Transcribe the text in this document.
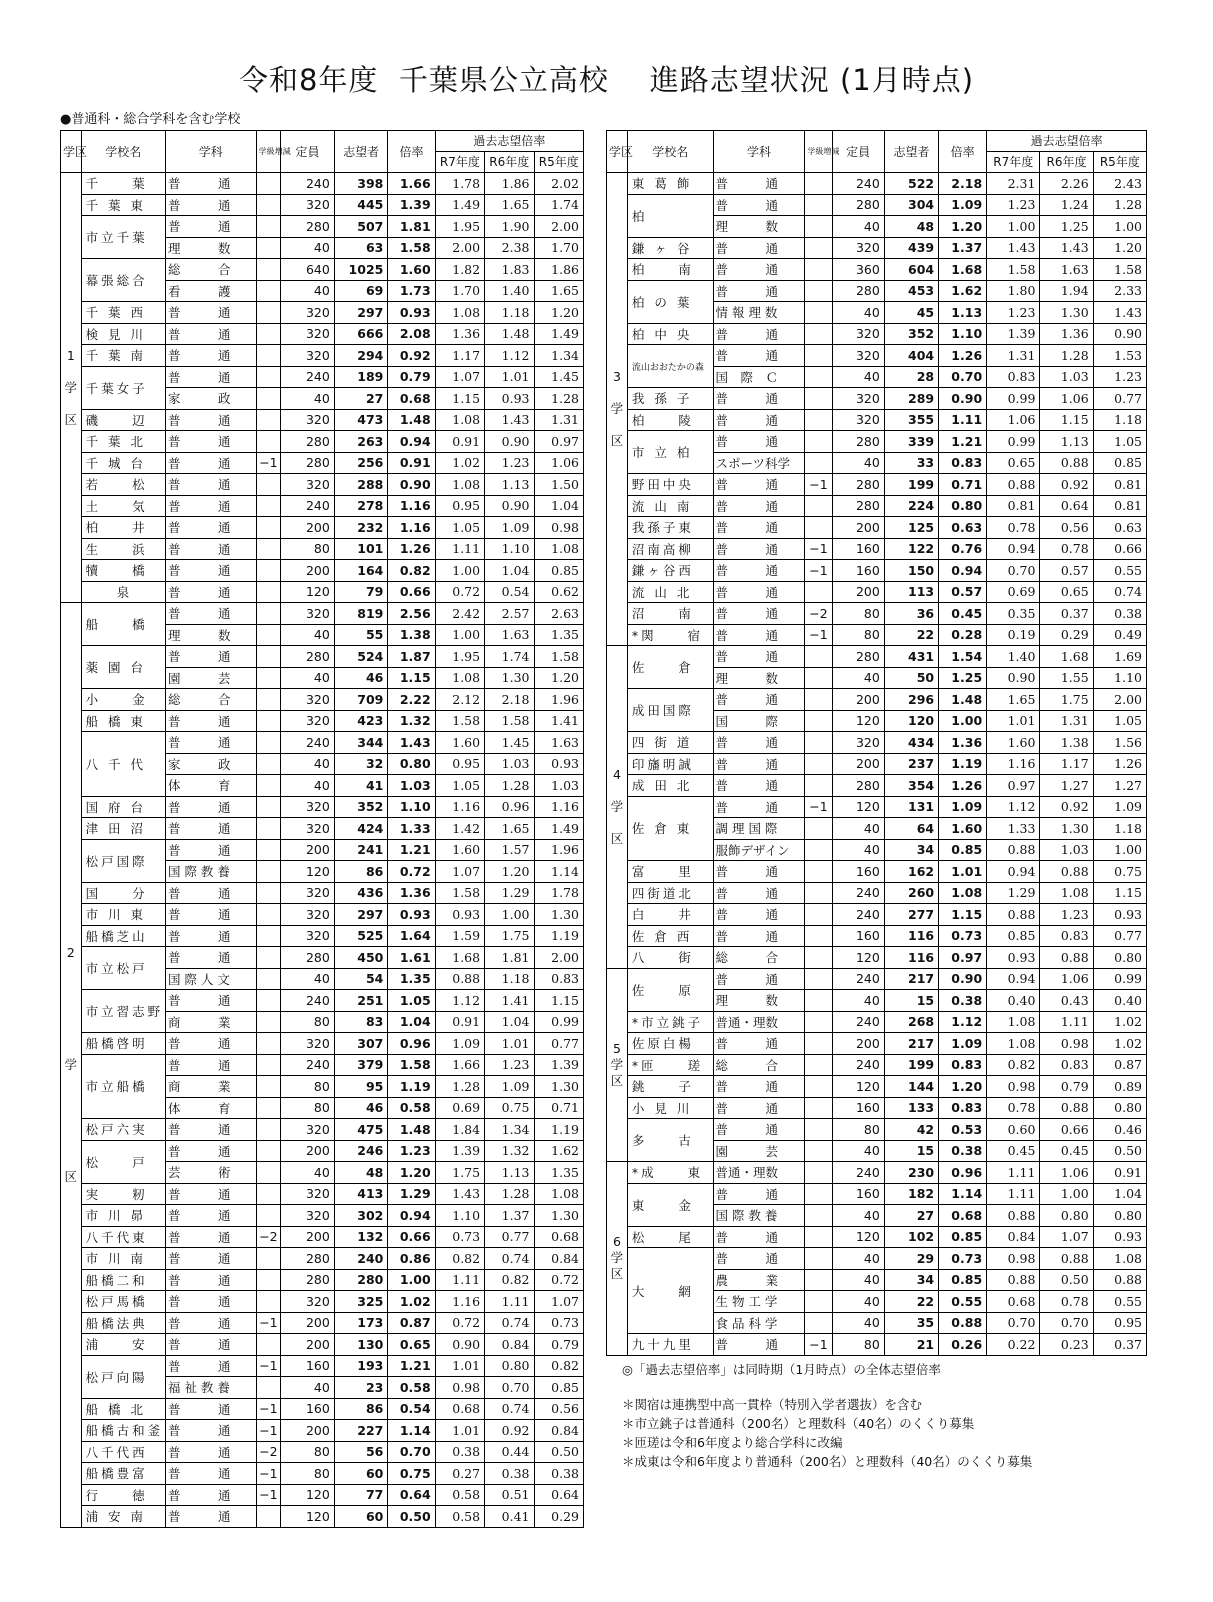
令和8年度  千葉県公立高校    進路志望状況 (1月時点)
●普通科・総合学科を含む学校
学区	学校名	学科	学級増減	定員	志望者	倍率	過去志望倍率		
							R7年度	R6年度	R5年度
1

学

区	千　　葉	普　　　通		240	398	1.66	1.78	1.86	2.02
	千 葉 東	普　　　通		320	445	1.39	1.49	1.65	1.74
	市立千葉	普　　　通		280	507	1.81	1.95	1.90	2.00
		理　　　数		40	63	1.58	2.00	2.38	1.70
	幕張総合	総　　　合		640	1025	1.60	1.82	1.83	1.86
		看　　　護		40	69	1.73	1.70	1.40	1.65
	千 葉 西	普　　　通		320	297	0.93	1.08	1.18	1.20
	検 見 川	普　　　通		320	666	2.08	1.36	1.48	1.49
	千 葉 南	普　　　通		320	294	0.92	1.17	1.12	1.34
	千葉女子	普　　　通		240	189	0.79	1.07	1.01	1.45
		家　　　政		40	27	0.68	1.15	0.93	1.28
	磯　　辺	普　　　通		320	473	1.48	1.08	1.43	1.31
	千 葉 北	普　　　通		280	263	0.94	0.91	0.90	0.97
	千 城 台	普　　　通	−1	280	256	0.91	1.02	1.23	1.06
	若　　松	普　　　通		320	288	0.90	1.08	1.13	1.50
	土　　気	普　　　通		240	278	1.16	0.95	0.90	1.04
	柏　　井	普　　　通		200	232	1.16	1.05	1.09	0.98
	生　　浜	普　　　通		80	101	1.26	1.11	1.10	1.08
	犢　　橋	普　　　通		200	164	0.82	1.00	1.04	0.85
	　　泉	普　　　通		120	79	0.66	0.72	0.54	0.62
2

学

区	船　　橋	普　　　通		320	819	2.56	2.42	2.57	2.63
		理　　　数		40	55	1.38	1.00	1.63	1.35
	薬 園 台	普　　　通		280	524	1.87	1.95	1.74	1.58
		園　　　芸		40	46	1.15	1.08	1.30	1.20
	小　　金	総　　　合		320	709	2.22	2.12	2.18	1.96
	船 橋 東	普　　　通		320	423	1.32	1.58	1.58	1.41
	八 千 代	普　　　通		240	344	1.43	1.60	1.45	1.63
		家　　　政		40	32	0.80	0.95	1.03	0.93
		体　　　育		40	41	1.03	1.05	1.28	1.03
	国 府 台	普　　　通		320	352	1.10	1.16	0.96	1.16
	津 田 沼	普　　　通		320	424	1.33	1.42	1.65	1.49
	松戸国際	普　　　通		200	241	1.21	1.60	1.57	1.96
		国 際 教 養		120	86	0.72	1.07	1.20	1.14
	国　　分	普　　　通		320	436	1.36	1.58	1.29	1.78
	市 川 東	普　　　通		320	297	0.93	0.93	1.00	1.30
	船橋芝山	普　　　通		320	525	1.64	1.59	1.75	1.19
	市立松戸	普　　　通		280	450	1.61	1.68	1.81	2.00
		国 際 人 文		40	54	1.35	0.88	1.18	0.83
	市立習志野	普　　　通		240	251	1.05	1.12	1.41	1.15
		商　　　業		80	83	1.04	0.91	1.04	0.99
	船橋啓明	普　　　通		320	307	0.96	1.09	1.01	0.77
	市立船橋	普　　　通		240	379	1.58	1.66	1.23	1.39
		商　　　業		80	95	1.19	1.28	1.09	1.30
		体　　　育		80	46	0.58	0.69	0.75	0.71
	松戸六実	普　　　通		320	475	1.48	1.84	1.34	1.19
	松　　戸	普　　　通		200	246	1.23	1.39	1.32	1.62
		芸　　　術		40	48	1.20	1.75	1.13	1.35
	実　　籾	普　　　通		320	413	1.29	1.43	1.28	1.08
	市 川 昴	普　　　通		320	302	0.94	1.10	1.37	1.30
	八千代東	普　　　通	−2	200	132	0.66	0.73	0.77	0.68
	市 川 南	普　　　通		280	240	0.86	0.82	0.74	0.84
	船橋二和	普　　　通		280	280	1.00	1.11	0.82	0.72
	松戸馬橋	普　　　通		320	325	1.02	1.16	1.11	1.07
	船橋法典	普　　　通	−1	200	173	0.87	0.72	0.74	0.73
	浦　　安	普　　　通		200	130	0.65	0.90	0.84	0.79
	松戸向陽	普　　　通	−1	160	193	1.21	1.01	0.80	0.82
		福 祉 教 養		40	23	0.58	0.98	0.70	0.85
	船 橋 北	普　　　通	−1	160	86	0.54	0.68	0.74	0.56
	船橋古和釜	普　　　通	−1	200	227	1.14	1.01	0.92	0.84
	八千代西	普　　　通	−2	80	56	0.70	0.38	0.44	0.50
	船橋豊富	普　　　通	−1	80	60	0.75	0.27	0.38	0.38
	行　　徳	普　　　通	−1	120	77	0.64	0.58	0.51	0.64
	浦 安 南	普　　　通		120	60	0.50	0.58	0.41	0.29
学区	学校名	学科	学級増減	定員	志望者	倍率	過去志望倍率		
							R7年度	R6年度	R5年度
3

学

区	東 葛 飾	普　　　通		240	522	2.18	2.31	2.26	2.43
	柏	普　　　通		280	304	1.09	1.23	1.24	1.28
		理　　　数		40	48	1.20	1.00	1.25	1.00
	鎌 ヶ 谷	普　　　通		320	439	1.37	1.43	1.43	1.20
	柏　　南	普　　　通		360	604	1.68	1.58	1.63	1.58
	柏 の 葉	普　　　通		280	453	1.62	1.80	1.94	2.33
		情 報 理 数		40	45	1.13	1.23	1.30	1.43
	柏 中 央	普　　　通		320	352	1.10	1.39	1.36	0.90
	流山おおたかの森	普　　　通		320	404	1.26	1.31	1.28	1.53
		国　際　Ｃ		40	28	0.70	0.83	1.03	1.23
	我 孫 子	普　　　通		320	289	0.90	0.99	1.06	0.77
	柏　　陵	普　　　通		320	355	1.11	1.06	1.15	1.18
	市 立 柏	普　　　通		280	339	1.21	0.99	1.13	1.05
		スポーツ科学		40	33	0.83	0.65	0.88	0.85
	野田中央	普　　　通	−1	280	199	0.71	0.88	0.92	0.81
	流 山 南	普　　　通		280	224	0.80	0.81	0.64	0.81
	我孫子東	普　　　通		200	125	0.63	0.78	0.56	0.63
	沼南高柳	普　　　通	−1	160	122	0.76	0.94	0.78	0.66
	鎌ヶ谷西	普　　　通	−1	160	150	0.94	0.70	0.57	0.55
	流 山 北	普　　　通		200	113	0.57	0.69	0.65	0.74
	沼　　南	普　　　通	−2	80	36	0.45	0.35	0.37	0.38
	*関　　宿	普　　　通	−1	80	22	0.28	0.19	0.29	0.49
4

学

区	佐　　倉	普　　　通		280	431	1.54	1.40	1.68	1.69
		理　　　数		40	50	1.25	0.90	1.55	1.10
	成田国際	普　　　通		200	296	1.48	1.65	1.75	2.00
		国　　　際		120	120	1.00	1.01	1.31	1.05
	四 街 道	普　　　通		320	434	1.36	1.60	1.38	1.56
	印旛明誠	普　　　通		200	237	1.19	1.16	1.17	1.26
	成 田 北	普　　　通		280	354	1.26	0.97	1.27	1.27
	佐 倉 東	普　　　通	−1	120	131	1.09	1.12	0.92	1.09
		調 理 国 際		40	64	1.60	1.33	1.30	1.18
		服飾デザイン		40	34	0.85	0.88	1.03	1.00
	富　　里	普　　　通		160	162	1.01	0.94	0.88	0.75
	四街道北	普　　　通		240	260	1.08	1.29	1.08	1.15
	白　　井	普　　　通		240	277	1.15	0.88	1.23	0.93
	佐 倉 西	普　　　通		160	116	0.73	0.85	0.83	0.77
	八　　街	総　　　合		120	116	0.97	0.93	0.88	0.80
5
学
区	佐　　原	普　　　通		240	217	0.90	0.94	1.06	0.99
		理　　　数		40	15	0.38	0.40	0.43	0.40
	*市立銚子	普通・理数		240	268	1.12	1.08	1.11	1.02
	佐原白楊	普　　　通		200	217	1.09	1.08	0.98	1.02
	*匝　　瑳	総　　　合		240	199	0.83	0.82	0.83	0.87
	銚　　子	普　　　通		120	144	1.20	0.98	0.79	0.89
	小 見 川	普　　　通		160	133	0.83	0.78	0.88	0.80
	多　　古	普　　　通		80	42	0.53	0.60	0.66	0.46
		園　　　芸		40	15	0.38	0.45	0.45	0.50
6
学
区	*成　　東	普通・理数		240	230	0.96	1.11	1.06	0.91
	東　　金	普　　　通		160	182	1.14	1.11	1.00	1.04
		国 際 教 養		40	27	0.68	0.88	0.80	0.80
	松　　尾	普　　　通		120	102	0.85	0.84	1.07	0.93
	大　　網	普　　　通		40	29	0.73	0.98	0.88	1.08
		農　　　業		40	34	0.85	0.88	0.50	0.88
		生 物 工 学		40	22	0.55	0.68	0.78	0.55
		食 品 科 学		40	35	0.88	0.70	0.70	0.95
	九十九里	普　　　通	−1	80	21	0.26	0.22	0.23	0.37
◎「過去志望倍率」は同時期（1月時点）の全体志望倍率
＊関宿は連携型中高一貫枠（特別入学者選抜）を含む
＊市立銚子は普通科（200名）と理数科（40名）のくくり募集
＊匝瑳は令和6年度より総合学科に改編
＊成東は令和6年度より普通科（200名）と理数科（40名）のくくり募集
